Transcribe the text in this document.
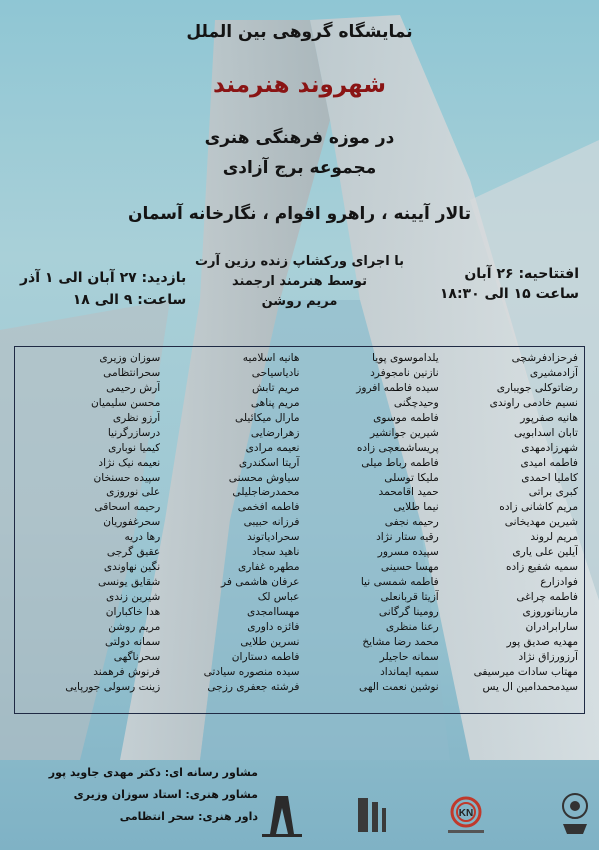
نمایشگاه گروهی بین الملل
شهروند هنرمند
در موزه فرهنگی هنری
مجموعه برج آزادی
تالار آیینه ، راهرو اقوام ، نگارخانه آسمان
افتتاحیه: ۲۶ آبان
ساعت ۱۵ الی ۱۸:۳۰
با اجرای ورکشاپ زنده رزین آرت
توسط هنرمند ارجمند
مریم روشن
بازدید: ۲۷ آبان الی ۱ آذر
ساعت: ۹ الی ۱۸
فرحزادفرشچی
آزادمشیری
رضاتوکلی جویباری
نسیم خادمی راوندی
هانیه صفرپور
تابان اسدابویی
شهرزادمهدی
فاطمه امیدی
کاملیا احمدی
کبری براتی
مریم کاشانی زاده
شیرین مهدیخانی
مریم لروند
آیلین علی یاری
سمیه شفیع زاده
فوادزارع
فاطمه چراغی
مارینانوروزی
سارابرادران
مهدیه صدیق پور
آرزورزاق نژاد
مهتاب سادات میرسیفی
سیدمحمدامین ال یس
یلداموسوی پویا
نازنین نامجوفرد
سیده فاطمه افروز
وحیدچگنی
فاطمه موسوی
شیرین جوانشیر
پریساشمعچی زاده
فاطمه رباط میلی
ملیکا توسلی
حمید اقامحمد
نیما طلایی
رحیمه نجفی
رقیه ستار نژاد
سپیده مسرور
مهسا حسینی
فاطمه شمسی نیا
آزیتا قربانعلی
رومینا گرگانی
رعنا منظری
محمد رضا مشایخ
سمانه حاجیلر
سمیه ایمانداد
نوشین نعمت الهی
هانیه اسلامیه
نادیاسیاحی
مریم تابش
مریم پناهی
مارال میکائیلی
زهرارضایی
نعیمه مرادی
آریتا اسکندری
سیاوش محسنی
محمدرضاجلیلی
فاطمه افخمی
فرزانه حبیبی
سحرادیاتوند
ناهید سجاد
مطهره غفاری
عرفان هاشمی فر
عباس لک
مهساامجدی
فائزه داوری
نسرین طلایی
فاطمه دستاران
سیده منصوره سیادتی
فرشته جعفری رزجی
سوزان وزیری
سحرانتظامی
آرش رحیمی
محسن سلیمیان
آرزو نظری
درسازرگرنیا
کیمیا نوباری
نعیمه نیک نژاد
سپیده حسنخان
علی نوروزی
رحیمه اسحاقی
سحرغفوریان
رها دریه
عقیق گرجی
نگین نهاوندی
شقایق یونسی
شیرین زندی
هدا خاکباران
مریم روشن
سمانه دولتی
سحرناگهی
فرنوش فرهمند
زینت رسولی جورپایی
مشاور رسانه ای: دکتر مهدی جاوید پور
مشاور هنری: استاد سوزان وزیری
داور هنری: سحر انتظامی	KN
